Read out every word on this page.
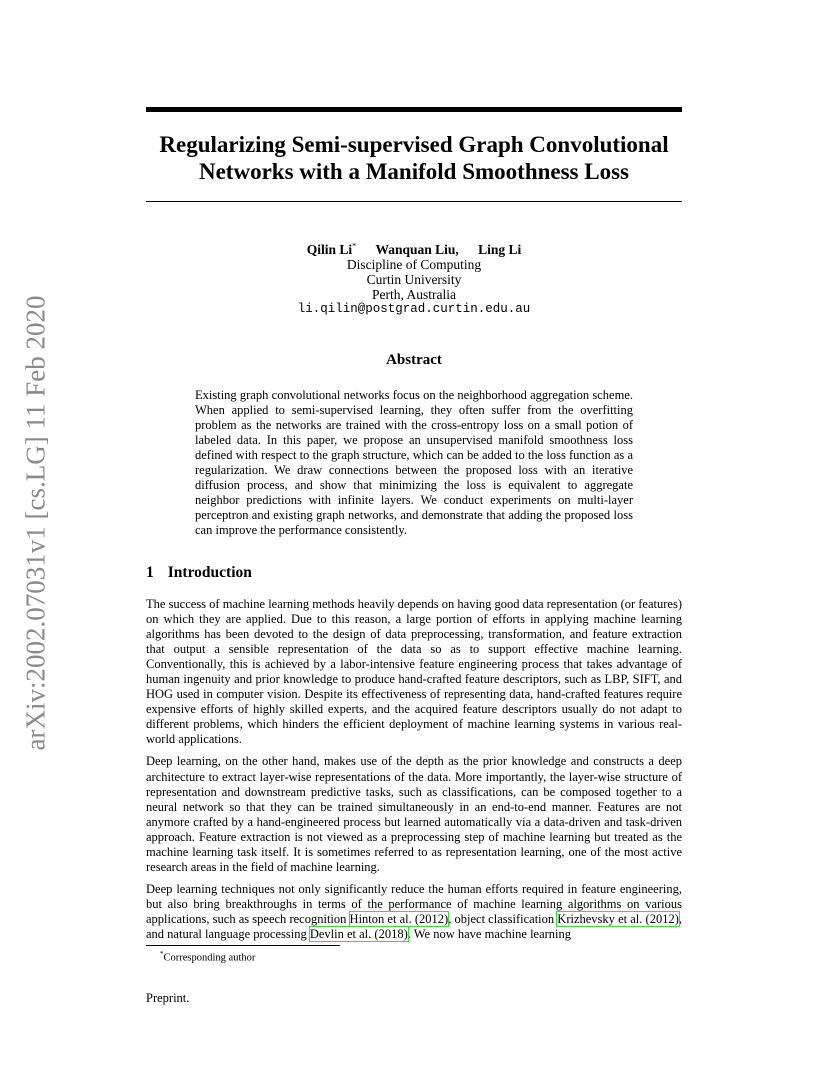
arXiv:2002.07031v1 [cs.LG] 11 Feb 2020
Regularizing Semi-supervised Graph Convolutional
Networks with a Manifold Smoothness Loss
Qilin Li* Wanquan Liu, Ling Li
Discipline of Computing
Curtin University
Perth, Australia
li.qilin@postgrad.curtin.edu.au
Abstract
Existing graph convolutional networks focus on the neighborhood aggregation scheme. When applied to semi-supervised learning, they often suffer from the overfitting problem as the networks are trained with the cross-entropy loss on a small potion of labeled data. In this paper, we propose an unsupervised manifold smoothness loss defined with respect to the graph structure, which can be added to the loss function as a regularization. We draw connections between the proposed loss with an iterative diffusion process, and show that minimizing the loss is equivalent to aggregate neighbor predictions with infinite layers. We conduct experiments on multi-layer perceptron and existing graph networks, and demonstrate that adding the proposed loss can improve the performance consistently.
1 Introduction

The success of machine learning methods heavily depends on having good data representation (or features) on which they are applied. Due to this reason, a large portion of efforts in applying machine learning algorithms has been devoted to the design of data preprocessing, transformation, and feature extraction that output a sensible representation of the data so as to support effective machine learning. Conventionally, this is achieved by a labor-intensive feature engineering process that takes advantage of human ingenuity and prior knowledge to produce hand-crafted feature descriptors, such as LBP, SIFT, and HOG used in computer vision. Despite its effectiveness of representing data, hand-crafted features require expensive efforts of highly skilled experts, and the acquired feature descriptors usually do not adapt to different problems, which hinders the efficient deployment of machine learning systems in various real-world applications.

Deep learning, on the other hand, makes use of the depth as the prior knowledge and constructs a deep architecture to extract layer-wise representations of the data. More importantly, the layer-wise structure of representation and downstream predictive tasks, such as classifications, can be composed together to a neural network so that they can be trained simultaneously in an end-to-end manner. Features are not anymore crafted by a hand-engineered process but learned automatically via a data-driven and task-driven approach. Feature extraction is not viewed as a preprocessing step of machine learning but treated as the machine learning task itself. It is sometimes referred to as representation learning, one of the most active research areas in the field of machine learning.

Deep learning techniques not only significantly reduce the human efforts required in feature engineering, but also bring breakthroughs in terms of the performance of machine learning algorithms on various applications, such as speech recognition Hinton et al. (2012), object classification Krizhevsky et al. (2012), and natural language processing Devlin et al. (2018). We now have machine learning

*Corresponding author
Preprint.
